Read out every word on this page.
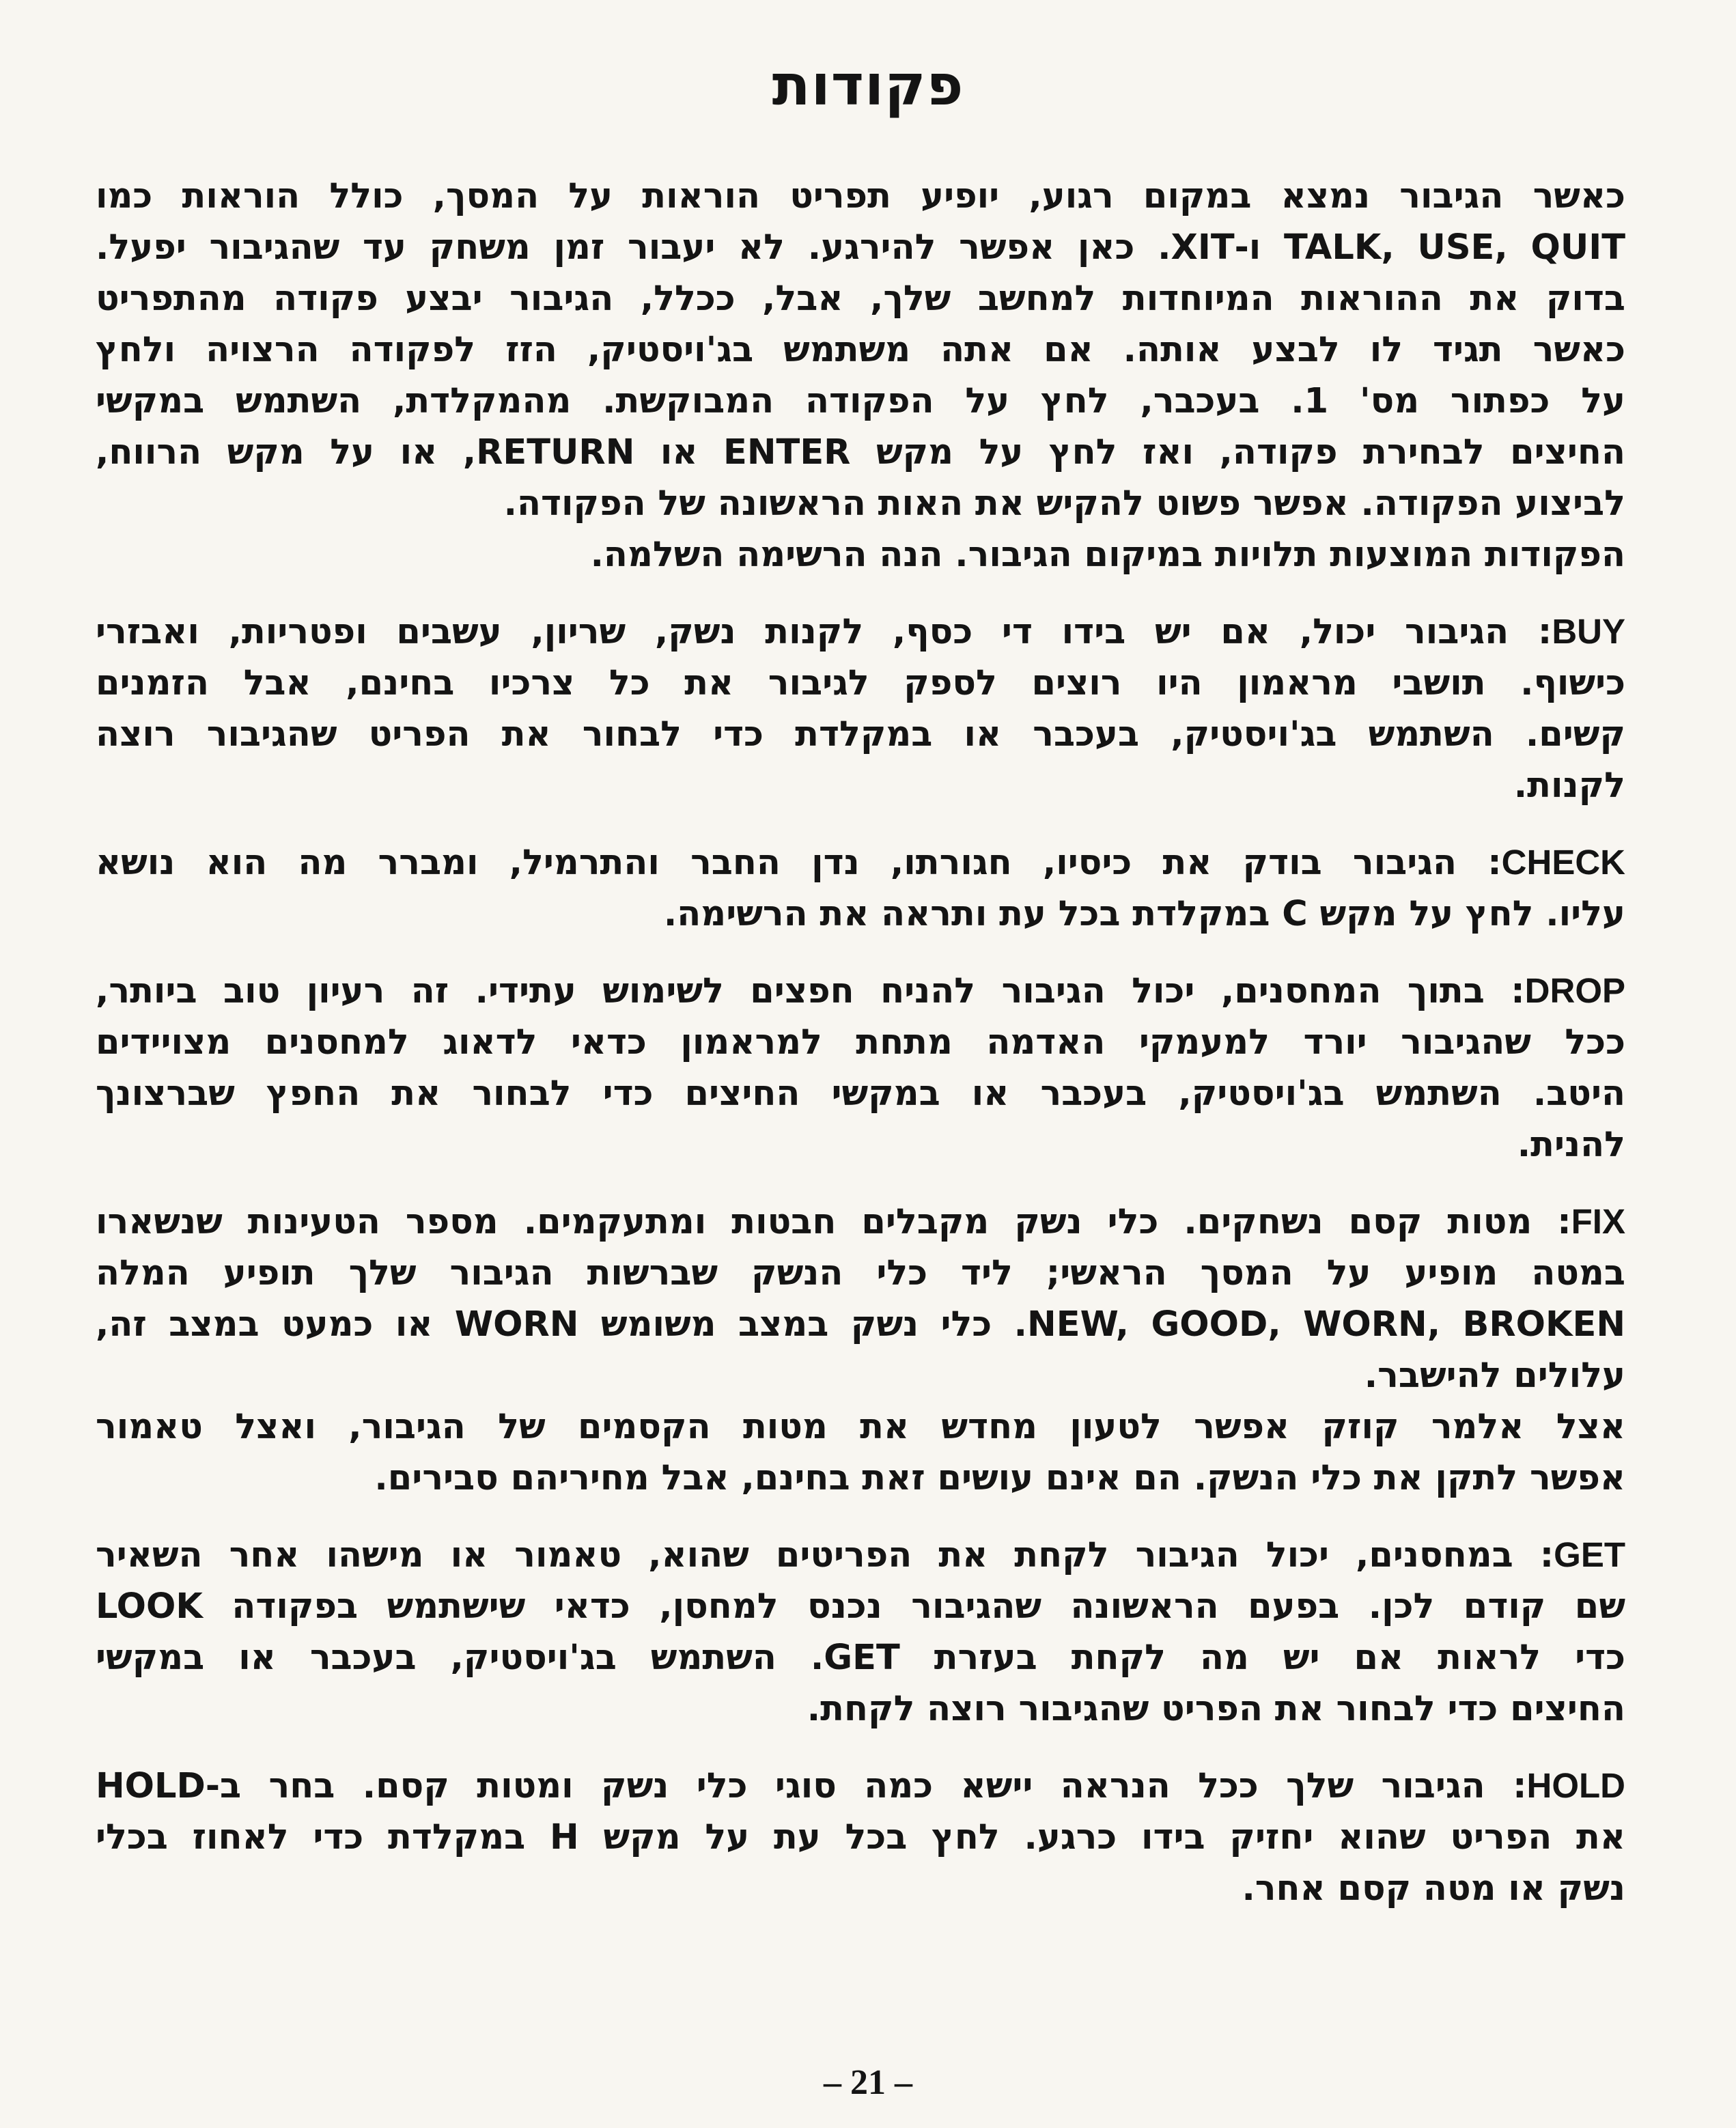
פקודות
כאשר הגיבור נמצא במקום רגוע, יופיע תפריט הוראות על המסך, כולל הוראות כמו
TALK, USE, QUIT ו-XIT. כאן אפשר להירגע. לא יעבור זמן משחק עד שהגיבור יפעל.
בדוק את ההוראות המיוחדות למחשב שלך, אבל, ככלל, הגיבור יבצע פקודה מהתפריט
כאשר תגיד לו לבצע אותה. אם אתה משתמש בג'ויסטיק, הזז לפקודה הרצויה ולחץ
על כפתור מס' 1. בעכבר, לחץ על הפקודה המבוקשת. מהמקלדת, השתמש במקשי
החיצים לבחירת פקודה, ואז לחץ על מקש ENTER או RETURN, או על מקש הרווח,
לביצוע הפקודה. אפשר פשוט להקיש את האות הראשונה של הפקודה.
הפקודות המוצעות תלויות במיקום הגיבור. הנה הרשימה השלמה.
BUY: הגיבור יכול, אם יש בידו די כסף, לקנות נשק, שריון, עשבים ופטריות, ואבזרי
כישוף. תושבי מראמון היו רוצים לספק לגיבור את כל צרכיו בחינם, אבל הזמנים
קשים. השתמש בג'ויסטיק, בעכבר או במקלדת כדי לבחור את הפריט שהגיבור רוצה
לקנות.
CHECK: הגיבור בודק את כיסיו, חגורתו, נדן החבר והתרמיל, ומברר מה הוא נושא
עליו. לחץ על מקש C במקלדת בכל עת ותראה את הרשימה.
DROP: בתוך המחסנים, יכול הגיבור להניח חפצים לשימוש עתידי. זה רעיון טוב ביותר,
ככל שהגיבור יורד למעמקי האדמה מתחת למראמון כדאי לדאוג למחסנים מצויידים
היטב. השתמש בג'ויסטיק, בעכבר או במקשי החיצים כדי לבחור את החפץ שברצונך
להנית.
FIX: מטות קסם נשחקים. כלי נשק מקבלים חבטות ומתעקמים. מספר הטעינות שנשארו
במטה מופיע על המסך הראשי; ליד כלי הנשק שברשות הגיבור שלך תופיע המלה
NEW, GOOD, WORN, BROKEN. כלי נשק במצב משומש WORN או כמעט במצב זה,
עלולים להישבר.
אצל אלמר קוזק אפשר לטעון מחדש את מטות הקסמים של הגיבור, ואצל טאמור
אפשר לתקן את כלי הנשק. הם אינם עושים זאת בחינם, אבל מחיריהם סבירים.
GET: במחסנים, יכול הגיבור לקחת את הפריטים שהוא, טאמור או מישהו אחר השאיר
שם קודם לכן. בפעם הראשונה שהגיבור נכנס למחסן, כדאי שישתמש בפקודה LOOK
כדי לראות אם יש מה לקחת בעזרת GET. השתמש בג'ויסטיק, בעכבר או במקשי
החיצים כדי לבחור את הפריט שהגיבור רוצה לקחת.
HOLD: הגיבור שלך ככל הנראה יישא כמה סוגי כלי נשק ומטות קסם. בחר ב-HOLD
את הפריט שהוא יחזיק בידו כרגע. לחץ בכל עת על מקש H במקלדת כדי לאחוז בכלי
נשק או מטה קסם אחר.
– 21 –
